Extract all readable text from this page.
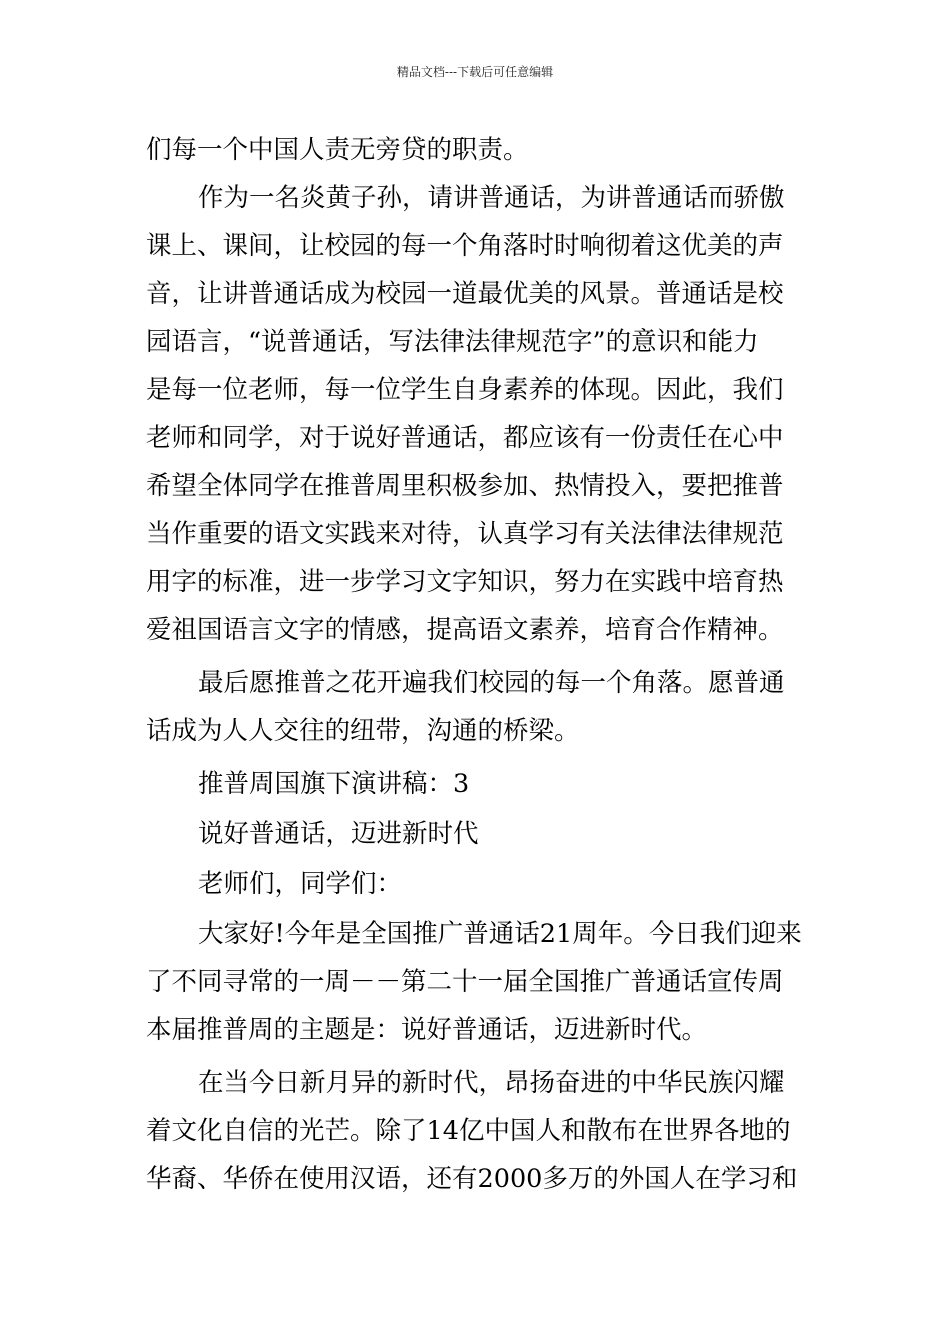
精品文档---下载后可任意编辑
们每一个中国人责无旁贷的职责。
作为一名炎黄子孙，请讲普通话，为讲普通话而骄傲
课上、课间，让校园的每一个角落时时响彻着这优美的声
音，让讲普通话成为校园一道最优美的风景。普通话是校
园语言，“说普通话，写法律法律规范字”的意识和能力
是每一位老师，每一位学生自身素养的体现。因此，我们
老师和同学，对于说好普通话，都应该有一份责任在心中
希望全体同学在推普周里积极参加、热情投入，要把推普
当作重要的语文实践来对待，认真学习有关法律法律规范
用字的标准，进一步学习文字知识，努力在实践中培育热
爱祖国语言文字的情感，提高语文素养，培育合作精神。
最后愿推普之花开遍我们校园的每一个角落。愿普通
话成为人人交往的纽带，沟通的桥梁。
推普周国旗下演讲稿：3
说好普通话，迈进新时代
老师们，同学们：
大家好!今年是全国推广普通话21周年。今日我们迎来
了不同寻常的一周－－第二十一届全国推广普通话宣传周
本届推普周的主题是：说好普通话，迈进新时代。
在当今日新月异的新时代，昂扬奋进的中华民族闪耀
着文化自信的光芒。除了14亿中国人和散布在世界各地的
华裔、华侨在使用汉语，还有2000多万的外国人在学习和
